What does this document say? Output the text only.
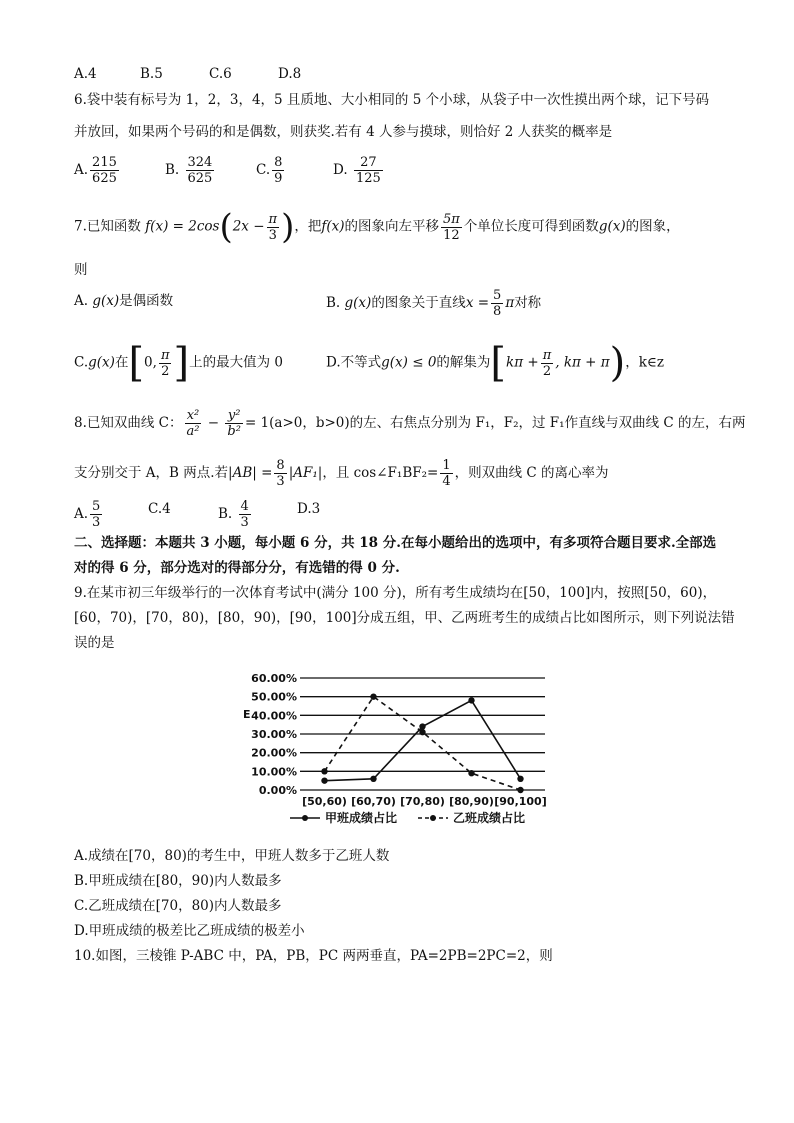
A.4	B.5	C.6	D.8
6.袋中装有标号为 1，2，3，4，5 且质地、大小相同的 5 个小球，从袋子中一次性摸出两个球，记下号码
并放回，如果两个号码的和是偶数，则获奖.若有 4 人参与摸球，则恰好 2 人获奖的概率是
A. $\frac{215}{625}$	B. $\frac{324}{625}$	C. $\frac{8}{9}$	D. $\frac{27}{125}$
7.已知函数 $f(x) = 2\cos(2x - \frac{\pi}{3}$ )，把f(x)的图象向左平移 $\frac{5\pi}{12}$ 个单位长度可得到函数g(x)的图象，
则
A. g(x)是偶函数	B. g(x)的图象关于直线$x = \frac{5}{8}$ π对称
C.g(x)在[0, $\frac{\pi}{2}$ ]上的最大值为 0	D.不等式g(x) ≤ 0的解集为[$k\pi + \frac{\pi}{2}$ , kπ + π)，k∈z
8.已知双曲线 C： $\frac{\text{x²}}{\text{a²}} - \frac{\text{y²}}{\text{b²}} = 1(a>0$，b>0)的左、右焦点分别为 F₁，F₂，过 F₁作直线与双曲线 C 的左，右两
支分别交于 A，B 两点.若$|AB| = \frac{8}{3} |AF_1|$，且 cos∠F₁BF₂= $\frac{1}{4}$ ，则双曲线 C 的离心率为
A. $\frac{5}{3}$	C.4	B. $\frac{4}{3}$	D.3
二、选择题：本题共 3 小题，每小题 6 分，共 18 分.在每小题给出的选项中，有多项符合题目要求.全部选
对的得 6 分，部分选对的得部分分，有选错的得 0 分.
9.在某市初三年级举行的一次体育考试中(满分 100 分)，所有考生成绩均在[50，100]内，按照[50，60)，
[60，70)，[70，80)，[80，90)，[90，100]分成五组，甲、乙两班考生的成绩占比如图所示，则下列说法错
误的是
0.00%
10.00%
20.00%
30.00%
40.00%
50.00%
60.00%
[50,60) [60,70) [70,80) [80,90) [90,100]
甲班成绩占比	乙班成绩占比
E
A.成绩在[70，80)的考生中，甲班人数多于乙班人数
B.甲班成绩在[80，90)内人数最多
C.乙班成绩在[70，80)内人数最多
D.甲班成绩的极差比乙班成绩的极差小
10.如图，三棱锥 P-ABC 中，PA，PB，PC 两两垂直，PA=2PB=2PC=2，则
